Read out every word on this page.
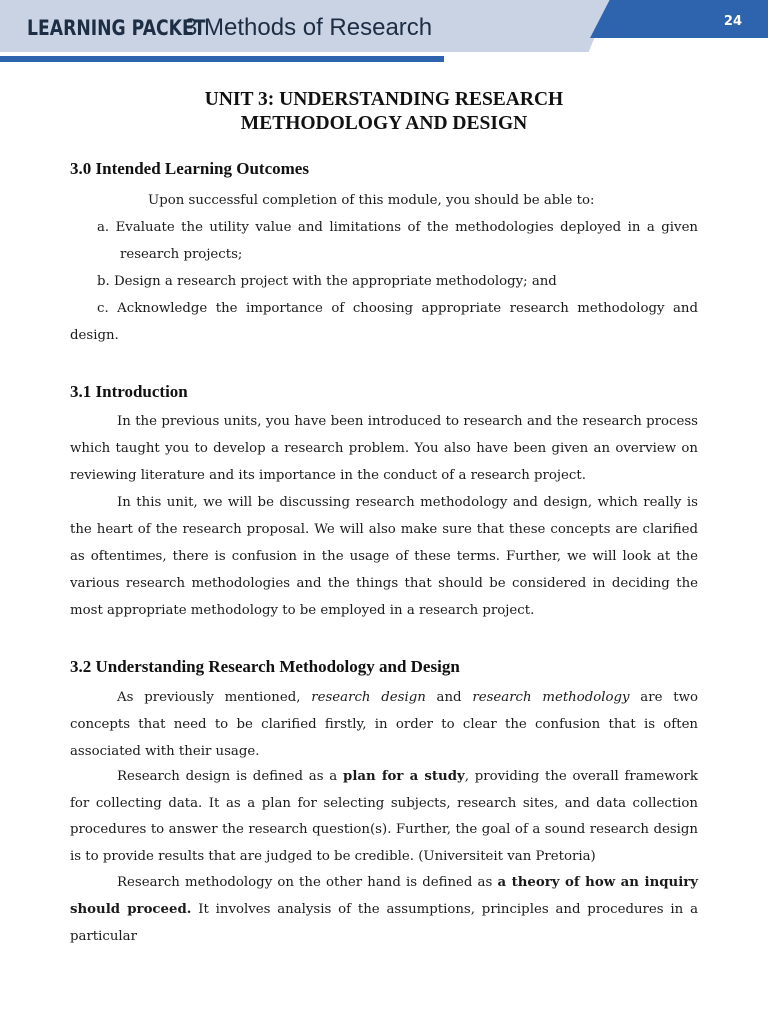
LEARNING PACKET
3 Methods of Research	24

UNIT 3: UNDERSTANDING RESEARCH

METHODOLOGY AND DESIGN

3.0 Intended Learning Outcomes
Upon successful completion of this module, you should be able to:
a. Evaluate the utility value and limitations of the methodologies deployed in a given
research projects;
b. Design a research project with the appropriate methodology; and
c. Acknowledge the importance of choosing appropriate research methodology and
design.
3.1 Introduction

In the previous units, you have been introduced to research and the research process which taught you to develop a research problem. You also have been given an overview on reviewing literature and its importance in the conduct of a research project.

In this unit, we will be discussing research methodology and design, which really is the heart of the research proposal. We will also make sure that these concepts are clarified as oftentimes, there is confusion in the usage of these terms. Further, we will look at the various research methodologies and the things that should be considered in deciding the most appropriate methodology to be employed in a research project.

3.2 Understanding Research Methodology and Design

As previously mentioned, research design and research methodology are two concepts that need to be clarified firstly, in order to clear the confusion that is often associated with their usage.

Research design is defined as a plan for a study, providing the overall framework for collecting data. It as a plan for selecting subjects, research sites, and data collection procedures to answer the research question(s). Further, the goal of a sound research design is to provide results that are judged to be credible. (Universiteit van Pretoria)

Research methodology on the other hand is defined as a theory of how an inquiry should proceed. It involves analysis of the assumptions, principles and procedures in a particular
